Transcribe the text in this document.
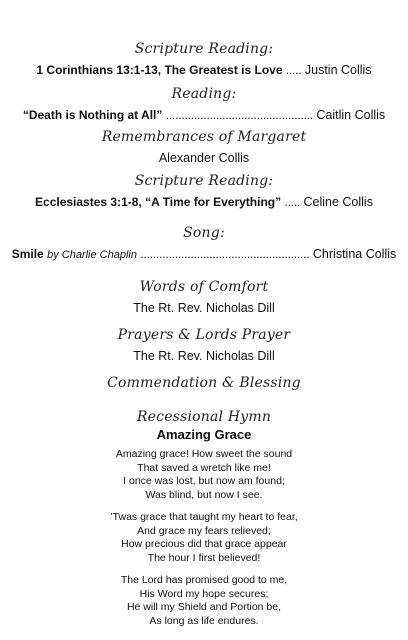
Scripture Reading:
1 Corinthians 13:1-13, The Greatest is Love ..... Justin Collis
Reading:
“Death is Nothing at All” ............................................... Caitlin Collis
Remembrances of Margaret
Alexander Collis
Scripture Reading:
Ecclesiastes 3:1-8, “A Time for Everything” ..... Celine Collis
Song:
Smile by Charlie Chaplin ...................................................... Christina Collis
Words of Comfort
The Rt. Rev. Nicholas Dill
Prayers & Lords Prayer
The Rt. Rev. Nicholas Dill
Commendation & Blessing
Recessional Hymn
Amazing Grace
Amazing grace! How sweet the sound
That saved a wretch like me!
I once was lost, but now am found;
Was blind, but now I see.
’Twas grace that taught my heart to fear,
And grace my fears relieved;
How precious did that grace appear
The hour I first believed!
The Lord has promised good to me,
His Word my hope secures;
He will my Shield and Portion be,
As long as life endures.
